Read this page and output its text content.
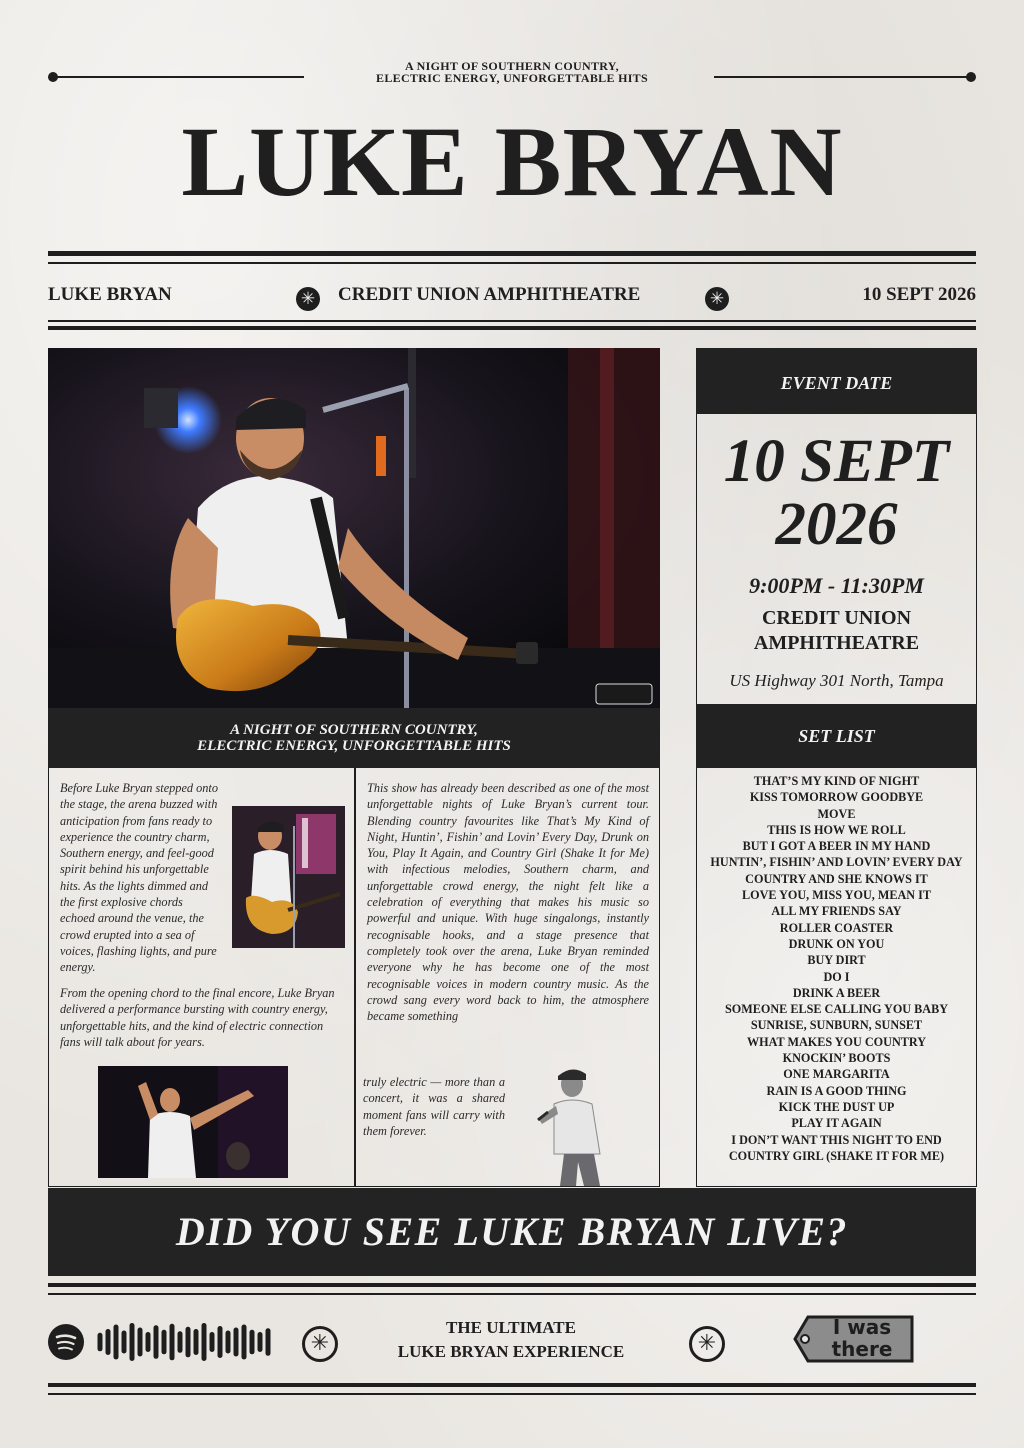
A NIGHT OF SOUTHERN COUNTRY,
ELECTRIC ENERGY, UNFORGETTABLE HITS
LUKE BRYAN
LUKE BRYAN	✳ CREDIT UNION AMPHITHEATRE	✳	10 SEPT 2026
EVENT DATE
10 SEPT
2026
9:00PM - 11:30PM
CREDIT UNION
AMPHITHEATRE
US Highway 301 North, Tampa
A NIGHT OF SOUTHERN COUNTRY,
ELECTRIC ENERGY, UNFORGETTABLE HITS
Before Luke Bryan stepped onto the stage, the arena buzzed with anticipation from fans ready to experience the country charm, Southern energy, and feel-good spirit behind his unforgettable hits. As the lights dimmed and the first explosive chords echoed around the venue, the crowd erupted into a sea of voices, flashing lights, and pure energy.
From the opening chord to the final encore, Luke Bryan delivered a performance bursting with country energy, unforgettable hits, and the kind of electric connection fans will talk about for years.
This show has already been described as one of the most unforgettable nights of Luke Bryan’s current tour. Blending country favourites like That’s My Kind of Night, Huntin’, Fishin’ and Lovin’ Every Day, Drunk on You, Play It Again, and Country Girl (Shake It for Me) with infectious melodies, Southern charm, and unforgettable crowd energy, the night felt like a celebration of everything that makes his music so powerful and unique. With huge singalongs, instantly recognisable hooks, and a stage presence that completely took over the arena, Luke Bryan reminded everyone why he has become one of the most recognisable voices in modern country music. As the crowd sang every word back to him, the atmosphere became something
truly electric — more than a concert, it was a shared moment fans will carry with them forever.
SET LIST
THAT’S MY KIND OF NIGHT
KISS TOMORROW GOODBYE
MOVE
THIS IS HOW WE ROLL
BUT I GOT A BEER IN MY HAND
HUNTIN’, FISHIN’ AND LOVIN’ EVERY DAY
COUNTRY AND SHE KNOWS IT
LOVE YOU, MISS YOU, MEAN IT
ALL MY FRIENDS SAY
ROLLER COASTER
DRUNK ON YOU
BUY DIRT
DO I
DRINK A BEER
SOMEONE ELSE CALLING YOU BABY
SUNRISE, SUNBURN, SUNSET
WHAT MAKES YOU COUNTRY
KNOCKIN’ BOOTS
ONE MARGARITA
RAIN IS A GOOD THING
KICK THE DUST UP
PLAY IT AGAIN
I DON’T WANT THIS NIGHT TO END
COUNTRY GIRL (SHAKE IT FOR ME)
DID YOU SEE LUKE BRYAN LIVE?
✳
THE ULTIMATE
LUKE BRYAN EXPERIENCE	✳
I was
there
